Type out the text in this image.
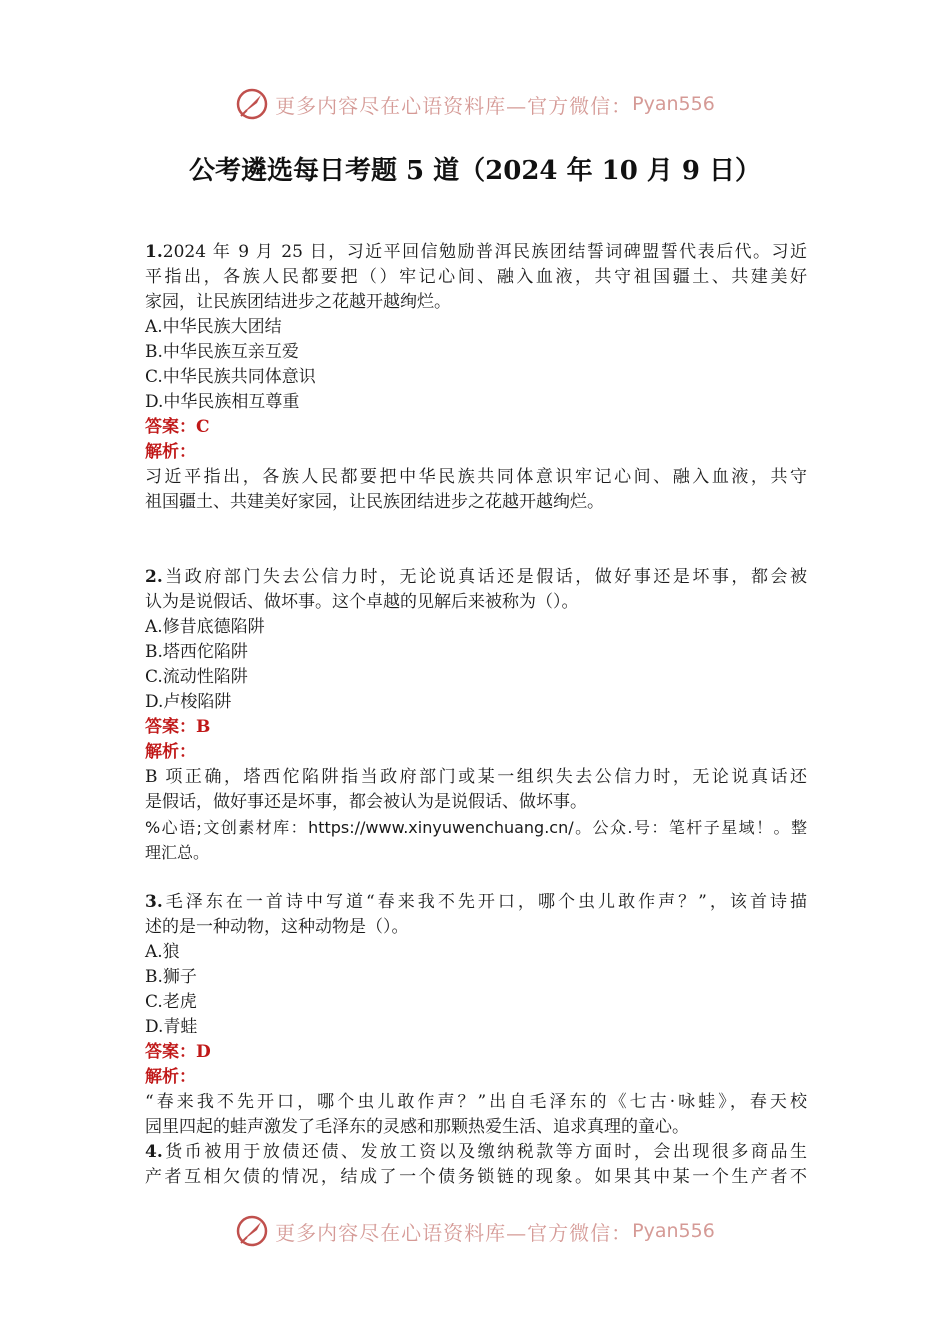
更多内容尽在心语资料库—官方微信： Pyan556
公考遴选每日考题 5 道（2024 年 10 月 9 日）
1.2024 年 9 月 25 日，习近平回信勉励普洱民族团结誓词碑盟誓代表后代。习近
平指出，各族人民都要把（）牢记心间、融入血液，共守祖国疆土、共建美好
家园，让民族团结进步之花越开越绚烂。
A.中华民族大团结
B.中华民族互亲互爱
C.中华民族共同体意识
D.中华民族相互尊重
答案：C
解析：
习近平指出，各族人民都要把中华民族共同体意识牢记心间、融入血液，共守
祖国疆土、共建美好家园，让民族团结进步之花越开越绚烂。
2.当政府部门失去公信力时，无论说真话还是假话，做好事还是坏事，都会被
认为是说假话、做坏事。这个卓越的见解后来被称为（）。
A.修昔底德陷阱
B.塔西佗陷阱
C.流动性陷阱
D.卢梭陷阱
答案：B
解析：
B 项正确，塔西佗陷阱指当政府部门或某一组织失去公信力时，无论说真话还
是假话，做好事还是坏事，都会被认为是说假话、做坏事。
%心语;文创素材库：https://www.xinyuwenchuang.cn/。公众.号：笔杆子星域！。整
理汇总。
3.毛泽东在一首诗中写道“春来我不先开口，哪个虫儿敢作声？”，该首诗描
述的是一种动物，这种动物是（）。
A.狼
B.狮子
C.老虎
D.青蛙
答案：D
解析：
“春来我不先开口，哪个虫儿敢作声？”出自毛泽东的《七古·咏蛙》，春天校
园里四起的蛙声激发了毛泽东的灵感和那颗热爱生活、追求真理的童心。
4.货币被用于放债还债、发放工资以及缴纳税款等方面时，会出现很多商品生
产者互相欠债的情况，结成了一个债务锁链的现象。如果其中某一个生产者不
更多内容尽在心语资料库—官方微信： Pyan556
